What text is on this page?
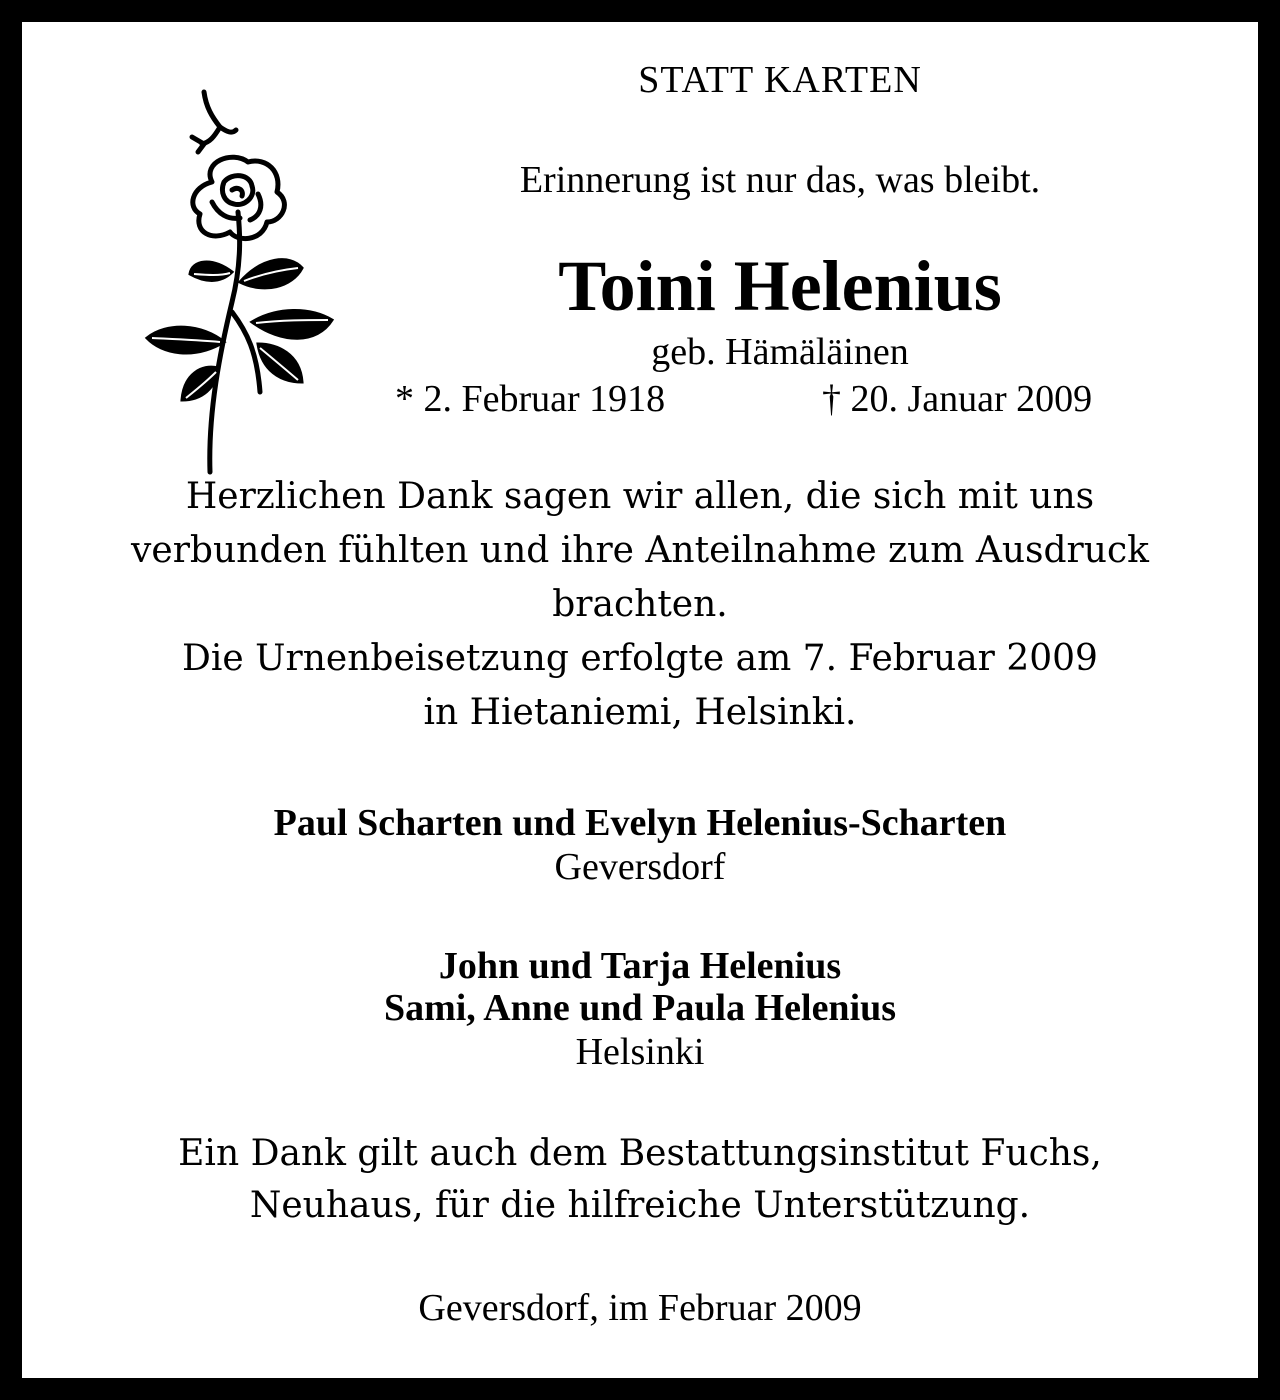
STATT KARTEN
Erinnerung ist nur das, was bleibt.
Toini Helenius
geb. Hämäläinen
* 2. Februar 1918	† 20. Januar 2009
Herzlichen Dank sagen wir allen, die sich mit uns
verbunden fühlten und ihre Anteilnahme zum Ausdruck
brachten.
Die Urnenbeisetzung erfolgte am 7. Februar 2009
in Hietaniemi, Helsinki.
Paul Scharten und Evelyn Helenius-Scharten
Geversdorf
John und Tarja Helenius
Sami, Anne und Paula Helenius
Helsinki
Ein Dank gilt auch dem Bestattungsinstitut Fuchs,
Neuhaus, für die hilfreiche Unterstützung.
Geversdorf, im Februar 2009
